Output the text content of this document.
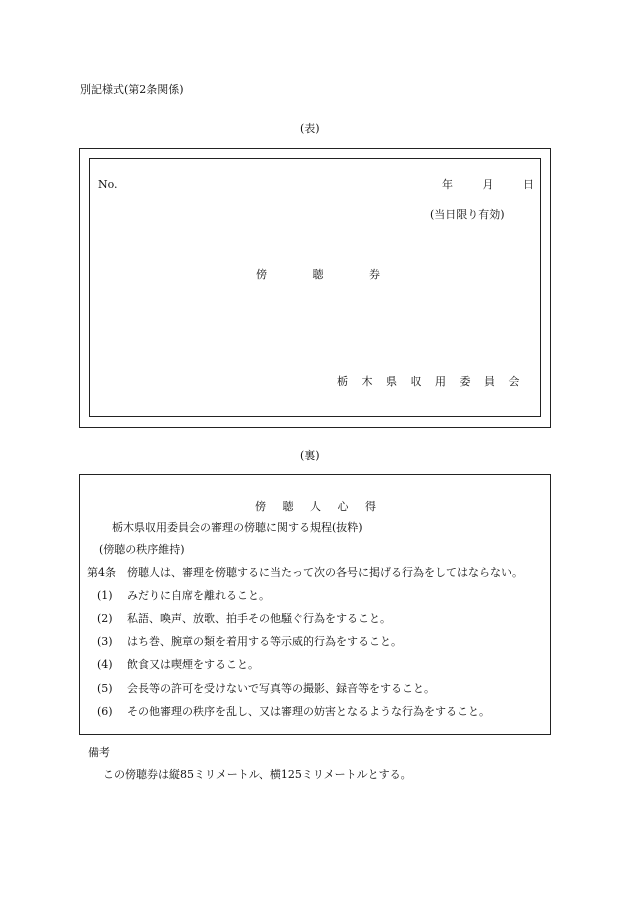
別記様式(第2条関係)
(表)
No.	年	月	日
(当日限り有効)
傍	聴	券
栃 木 県 収 用 委 員 会
(裏)
傍 聴 人 心 得
栃木県収用委員会の審理の傍聴に関する規程(抜粋)
(傍聴の秩序維持)
第4条　傍聴人は、審理を傍聴するに当たって次の各号に掲げる行為をしてはならない。
(1) みだりに自席を離れること。
(2) 私語、喚声、放歌、拍手その他騒ぐ行為をすること。
(3) はち巻、腕章の類を着用する等示威的行為をすること。
(4) 飲食又は喫煙をすること。
(5) 会長等の許可を受けないで写真等の撮影、録音等をすること。
(6) その他審理の秩序を乱し、又は審理の妨害となるような行為をすること。
備考
この傍聴券は縦85ミリメートル、横125ミリメートルとする。
